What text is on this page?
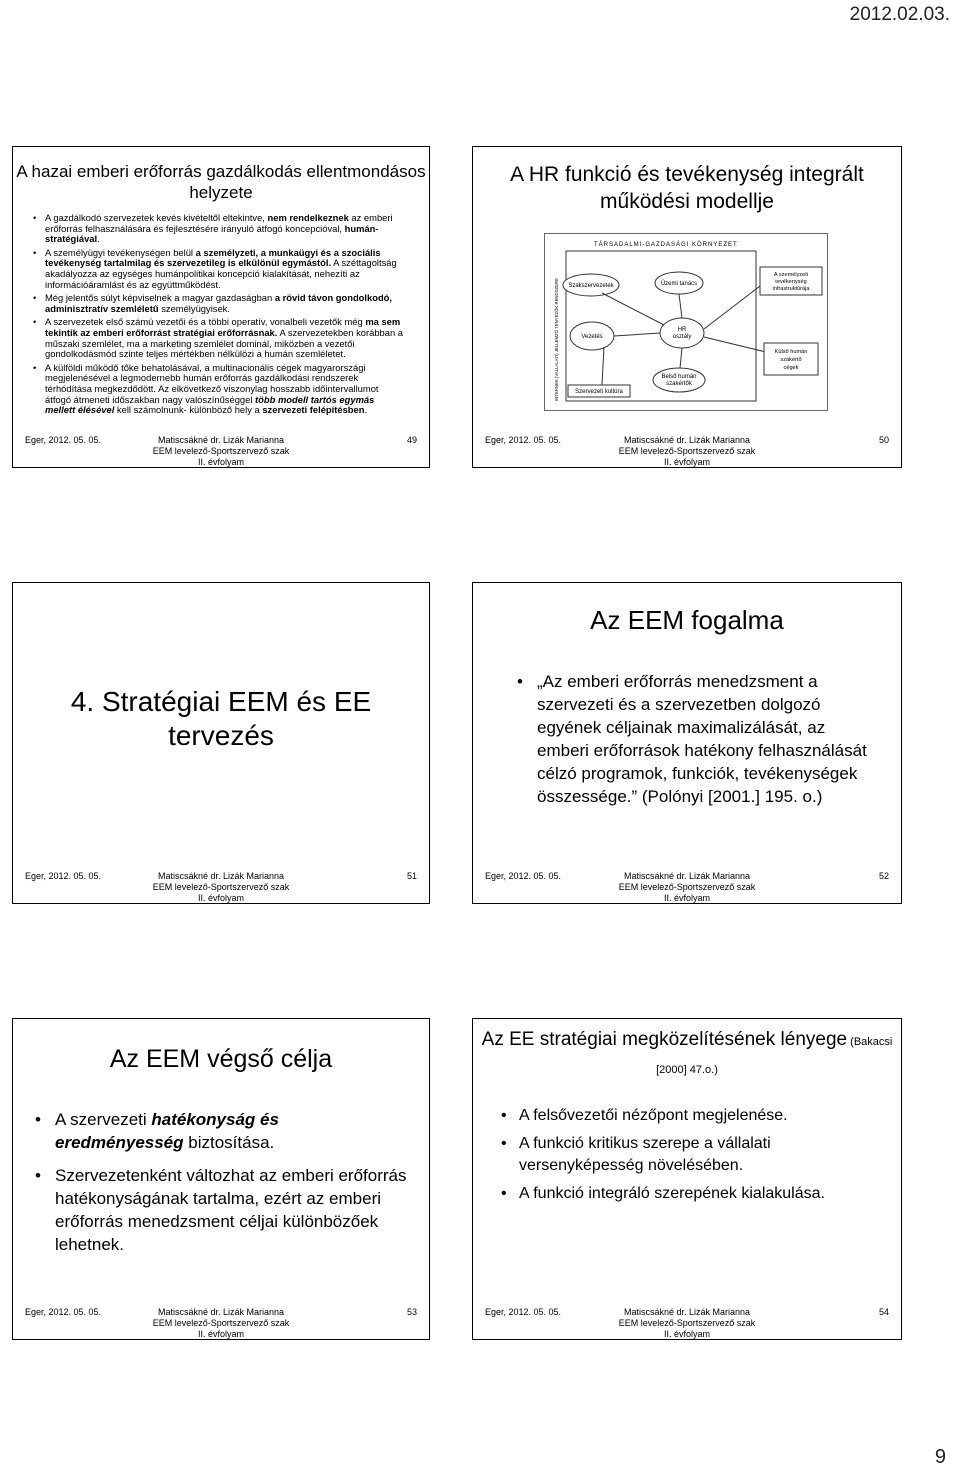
2012.02.03.
A hazai emberi erőforrás gazdálkodás ellentmondásos helyzete
• A gazdálkodó szervezetek kevés kivételtől eltekintve, nem rendelkeznek az emberi erőforrás felhasználására és fejlesztésére irányuló átfogó koncepcióval, humán-stratégiával.
• A személyügyi tevékenységen belül a személyzeti, a munkaügyi és a szociális tevékenység tartalmilag és szervezetileg is elkülönül egymástól. A széttagoltság akadályozza az egységes humánpolitikai koncepció kialakítását, nehezíti az információáramlást és az együttműködést.
• Még jelentős súlyt képviselnek a magyar gazdaságban a rövid távon gondolkodó, adminisztratív szemléletű személyügyisek.
• A szervezetek első számú vezetői és a többi operatív, vonalbeli vezetők még ma sem tekintik az emberi erőforrást stratégiai erőforrásnak. A szervezetekben korábban a műszaki szemlélet, ma a marketing szemlélet dominál, miközben a vezetői gondolkodásmód szinte teljes mértékben nélkülözi a humán szemléletet.
• A külföldi működő tőke behatolásával, a multinacionális cégek magyarországi megjelenésével a legmodernebb humán erőforrás gazdálkodási rendszerek térhódítása megkezdődött. Az elkövetkező viszonylag hosszabb időintervallumot átfogó átmeneti időszakban nagy valószínűséggel több modell tartós egymás mellett élésével kell számolnunk- különböző hely a szervezeti felépítésben.
Eger, 2012. 05. 05.	Matiscsákné dr. Lizák Marianna
EEM levelező-Sportszervező szak
II. évfolyam
49
A HR funkció és tevékenység integrált működési modellje
TÁRSADALMI-GAZDASÁGI KÖRNYEZET
INTERNEK (VALLALATI) JELLEMZŐ TÉNYEZŐK RENDSZERE Szakszervezetek	Üzemi tanács
Vezetés
HR
osztály
Belső humán
szakértők
Szervezeti kultúra
A személyzeti
tevékenység
infrastruktúrája
Külső humán
szakértő
cégek
Eger, 2012. 05. 05.	Matiscsákné dr. Lizák Marianna
EEM levelező-Sportszervező szak
II. évfolyam
50
4. Stratégiai EEM és EE
tervezés
Eger, 2012. 05. 05.	Matiscsákné dr. Lizák Marianna
EEM levelező-Sportszervező szak
II. évfolyam
51
Az EEM fogalma
• „Az emberi erőforrás menedzsment a szervezeti és a szervezetben dolgozó egyének céljainak maximalizálását, az emberi erőforrások hatékony felhasználását célzó programok, funkciók, tevékenységek összessége.” (Polónyi [2001.] 195. o.)
Eger, 2012. 05. 05.	Matiscsákné dr. Lizák Marianna
EEM levelező-Sportszervező szak
II. évfolyam
52
Az EEM végső célja
• A szervezeti hatékonyság és eredményesség biztosítása.
• Szervezetenként változhat az emberi erőforrás hatékonyságának tartalma, ezért az emberi erőforrás menedzsment céljai különbözőek lehetnek.
Eger, 2012. 05. 05.	Matiscsákné dr. Lizák Marianna
EEM levelező-Sportszervező szak
II. évfolyam
53
Az EE stratégiai megközelítésének lényege (Bakacsi [2000] 47.o.)
• A felsővezetői nézőpont megjelenése.
• A funkció kritikus szerepe a vállalati versenyképesség növelésében.
• A funkció integráló szerepének kialakulása.
Eger, 2012. 05. 05.	Matiscsákné dr. Lizák Marianna
EEM levelező-Sportszervező szak
II. évfolyam
54
9
